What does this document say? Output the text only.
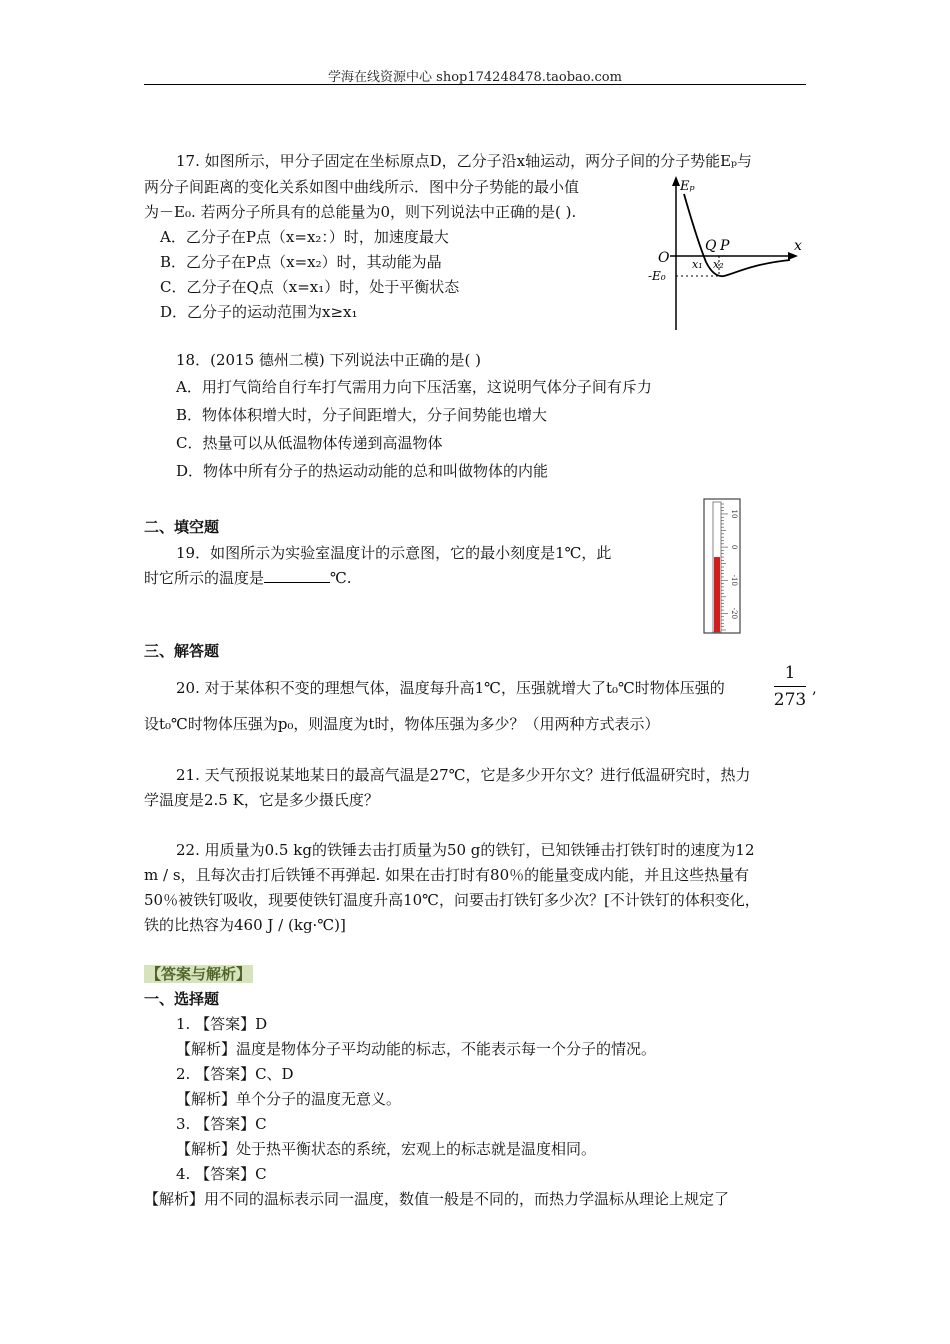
学海在线资源中心 shop174248478.taobao.com
17. 如图所示，甲分子固定在坐标原点D，乙分子沿x轴运动，两分子间的分子势能Eₚ与
两分子间距离的变化关系如图中曲线所示．图中分子势能的最小值
为－E₀. 若两分子所具有的总能量为0，则下列说法中正确的是( ).
A．乙分子在P点（x=x₂：）时，加速度最大
B．乙分子在P点（x=x₂）时，其动能为晶
C．乙分子在Q点（x=x₁）时，处于平衡状态
D．乙分子的运动范围为x≥x₁
Eₚ
O
x
-E₀
Q P
x₁ x₂
18．(2015 德州二模) 下列说法中正确的是( )
A．用打气筒给自行车打气需用力向下压活塞，这说明气体分子间有斥力
B．物体体积增大时，分子间距增大，分子间势能也增大
C．热量可以从低温物体传递到高温物体
D．物体中所有分子的热运动动能的总和叫做物体的内能
二、填空题
19．如图所示为实验室温度计的示意图，它的最小刻度是1℃，此
时它所示的温度是	℃.
10
0
-10
-20
三、解答题
20. 对于某体积不变的理想气体，温度每升高1℃，压强就增大了t₀℃时物体压强的
1
273
,
设t₀℃时物体压强为p₀，则温度为t时，物体压强为多少？（用两种方式表示）
21. 天气预报说某地某日的最高气温是27℃，它是多少开尔文？进行低温研究时，热力
学温度是2.5 K，它是多少摄氏度？
22. 用质量为0.5 kg的铁锤去击打质量为50 g的铁钉，已知铁锤击打铁钉时的速度为12
m / s，且每次击打后铁锤不再弹起. 如果在击打时有80％的能量变成内能，并且这些热量有
50％被铁钉吸收，现要使铁钉温度升高10℃，问要击打铁钉多少次？[不计铁钉的体积变化，
铁的比热容为460 J / (kg·℃)]
【答案与解析】
一、选择题
1. 【答案】D
【解析】温度是物体分子平均动能的标志，不能表示每一个分子的情况。
2. 【答案】C、D
【解析】单个分子的温度无意义。
3. 【答案】C
【解析】处于热平衡状态的系统，宏观上的标志就是温度相同。
4. 【答案】C
【解析】用不同的温标表示同一温度，数值一般是不同的，而热力学温标从理论上规定了
